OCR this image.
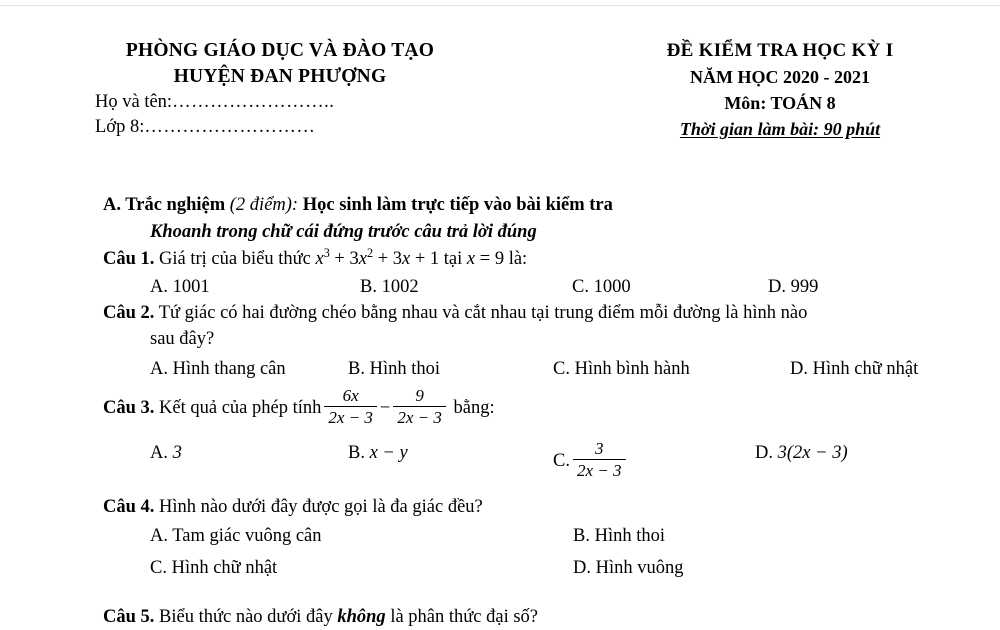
PHÒNG GIÁO DỤC VÀ ĐÀO TẠO
HUYỆN ĐAN PHƯỢNG
Họ và tên:……………………..
Lớp 8:………………………
ĐỀ KIỂM TRA HỌC KỲ I
NĂM HỌC 2020 - 2021
Môn: TOÁN 8
Thời gian làm bài: 90 phút
A. Trắc nghiệm (2 điểm): Học sinh làm trực tiếp vào bài kiểm tra
Khoanh trong chữ cái đứng trước câu trả lời đúng
Câu 1. Giá trị của biểu thức $x^3 + 3x^2 + 3x + 1$ tại x = 9 là:
A. 1001	B. 1002	C. 1000	D. 999
Câu 2. Tứ giác có hai đường chéo bằng nhau và cắt nhau tại trung điểm mỗi đường là hình nào
sau đây?
A. Hình thang cân	B. Hình thoi	C. Hình bình hành	D. Hình chữ nhật
Câu 3.
Kết quả của phép tính $\frac{6x}{2x - 3} - \frac{9}{2x - 3}$
bằng:
A.
3	B.
x − y	C. $\frac{3}{2x - 3}$	D.
3(2x − 3)
Câu 4. Hình nào dưới đây được gọi là đa giác đều?
A. Tam giác vuông cân	B. Hình thoi
C. Hình chữ nhật	D. Hình vuông
Câu 5. Biểu thức nào dưới đây không là phân thức đại số?
